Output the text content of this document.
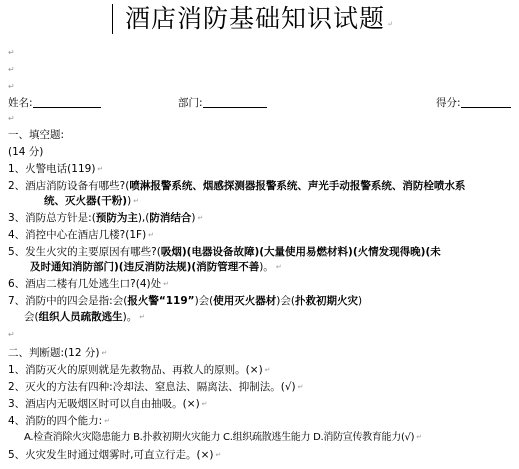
酒店消防基础知识试题 ↵
↵
↵
↵
姓名:	部门:	得分:
↵
一、填空题:
(14 分)
1、火警电话(119) ↵
2、酒店消防设备有哪些?(喷淋报警系统、烟感探测器报警系统、声光手动报警系统、消防栓喷水系
统、灭火器(干粉)) ↵
3、消防总方针是:(预防为主),(防消结合) ↵
4、消控中心在酒店几楼?(1F) ↵
5、发生火灾的主要原因有哪些?(吸烟)(电器设备故障)(大量使用易燃材料)(火情发现得晚)(未
及时通知消防部门)(违反消防法规)(消防管理不善)。 ↵
6、酒店二楼有几处逃生口?(4)处 ↵
7、消防中的四会是指:会(报火警“119”)会(使用灭火器材)会(扑救初期火灾)
会(组织人员疏散逃生)。 ↵
↵
二、判断题:(12 分) ↵
1、消防灭火的原则就是先救物品、再救人的原则。(×) ↵
2、灭火的方法有四种:冷却法、窒息法、隔离法、抑制法。(√) ↵
3、酒店内无吸烟区时可以自由抽吸。(×) ↵
4、消防的四个能力: ↵
A.检查消除火灾隐患能力 B.扑救初期火灾能力 C.组织疏散逃生能力 D.消防宣传教育能力(√) ↵
5、火灾发生时通过烟雾时,可直立行走。(×) ↵
